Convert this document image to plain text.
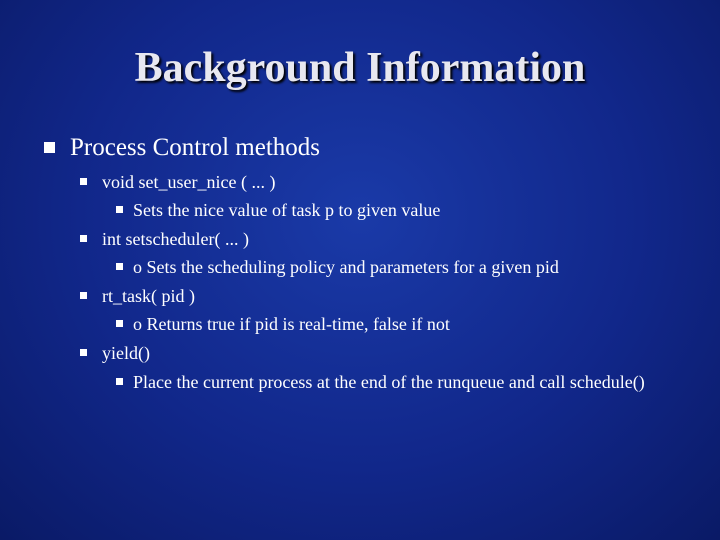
Background Information
Process Control methods
void set_user_nice ( ... )
Sets the nice value of task p to given value
int setscheduler( ... )
o Sets the scheduling policy and parameters for a given pid
rt_task( pid )
o Returns true if pid is real-time, false if not
yield()
Place the current process at the end of the runqueue and call schedule()
